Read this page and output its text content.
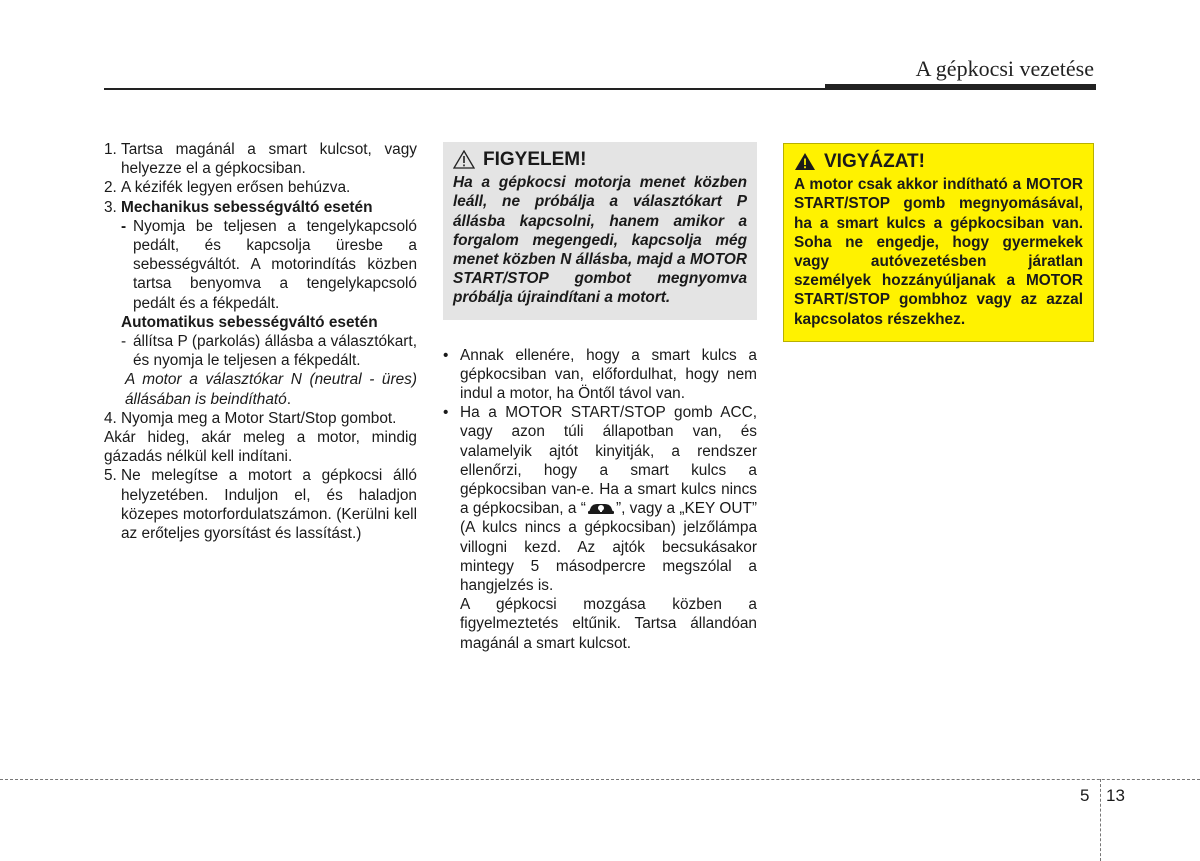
A gépkocsi vezetése
1. Tartsa magánál a smart kulcsot, vagy helyezze el a gépkocsiban.
2. A kézifék legyen erősen behúzva.
3. Mechanikus sebességváltó esetén
- Nyomja be teljesen a tengelykapcsoló pedált, és kapcsolja üresbe a sebességváltót. A motorindítás közben tartsa benyomva a tengelykapcsoló pedált és a fékpedált.
Automatikus sebességváltó esetén
- állítsa P (parkolás) állásba a választókart, és nyomja le teljesen a fékpedált.
A motor a választókar N (neutral - üres) állásában is beindítható.
4. Nyomja meg a Motor Start/Stop gombot.

Akár hideg, akár meleg a motor, mindig gázadás nélkül kell indítani.

5. Ne melegítse a motort a gépkocsi álló helyzetében. Induljon el, és haladjon közepes motorfordulatszámon. (Kerülni kell az erőteljes gyorsítást és lassítást.)
FIGYELEM!
Ha a gépkocsi motorja menet közben leáll, ne próbálja a választókart P állásba kapcsolni, hanem amikor a forgalom megengedi, kapcsolja még menet közben N állásba, majd a MOTOR START/STOP gombot megnyomva próbálja újraindítani a motort.
• Annak ellenére, hogy a smart kulcs a gépkocsiban van, előfordulhat, hogy nem indul a motor, ha Öntől távol van.
• Ha a MOTOR START/STOP gomb ACC, vagy azon túli állapotban van, és valamelyik ajtót kinyitják, a rendszer ellenőrzi, hogy a smart kulcs a gépkocsiban van-e. Ha a smart kulcs nincs a gépkocsiban, a “ ”, vagy a „KEY OUT” (A kulcs nincs a gépkocsiban) jelzőlámpa villogni kezd. Az ajtók becsukásakor mintegy 5 másodpercre megszólal a hangjelzés is.
A gépkocsi mozgása közben a figyelmeztetés eltűnik. Tartsa állandóan magánál a smart kulcsot.
VIGYÁZAT!
A motor csak akkor indítható a MOTOR START/STOP gomb megnyomásával, ha a smart kulcs a gépkocsiban van. Soha ne engedje, hogy gyermekek vagy autóvezetésben járatlan személyek hozzányúljanak a MOTOR START/STOP gombhoz vagy az azzal kapcsolatos részekhez.
5 13
